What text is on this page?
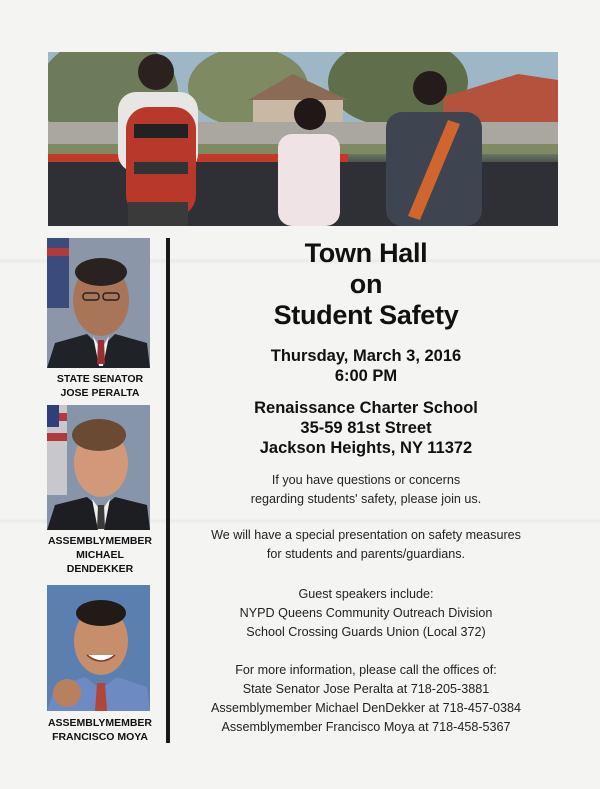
STATE SENATOR
JOSE PERALTA
ASSEMBLYMEMBER
MICHAEL
DENDEKKER
ASSEMBLYMEMBER
FRANCISCO MOYA
Town Hall
on
Student Safety
Thursday, March 3, 2016
6:00 PM
Renaissance Charter School
35-59 81st Street
Jackson Heights, NY 11372
If you have questions or concerns
regarding students' safety, please join us.
We will have a special presentation on safety measures
for students and parents/guardians.
Guest speakers include:
NYPD Queens Community Outreach Division
School Crossing Guards Union (Local 372)
For more information, please call the offices of:
State Senator Jose Peralta at 718-205-3881
Assemblymember Michael DenDekker at 718-457-0384
Assemblymember Francisco Moya at 718-458-5367
